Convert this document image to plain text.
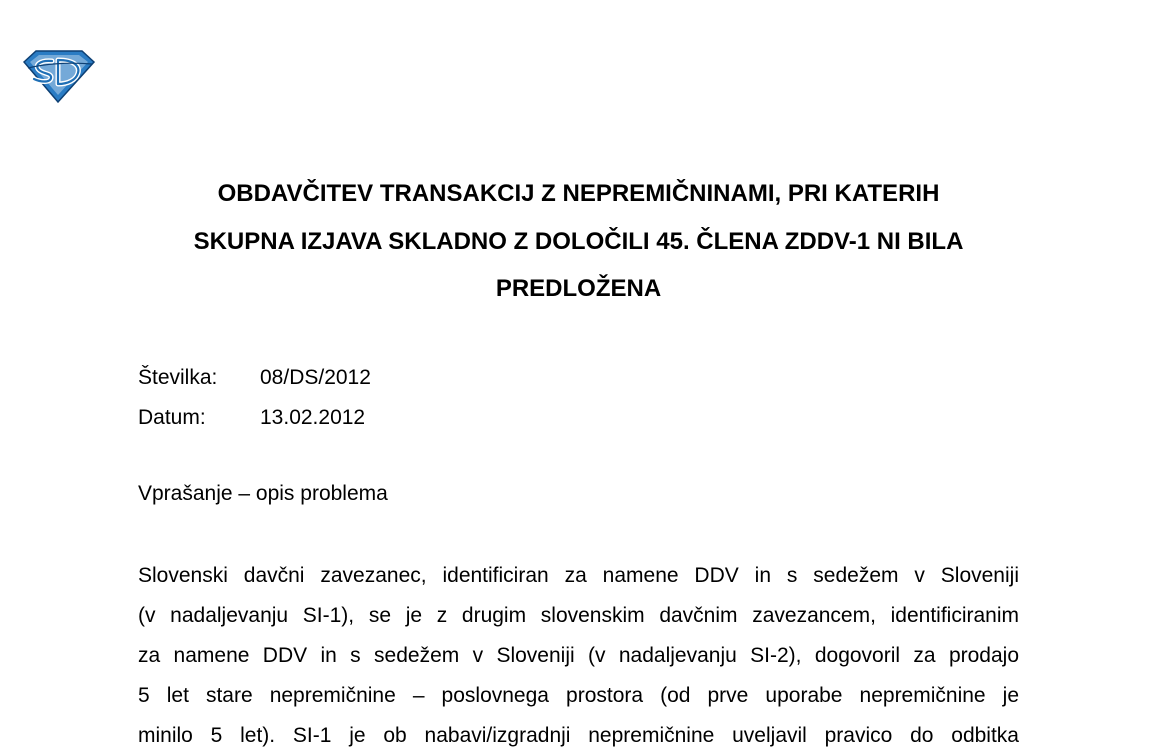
OBDAVČITEV TRANSAKCIJ Z NEPREMIČNINAMI, PRI KATERIH
SKUPNA IZJAVA SKLADNO Z DOLOČILI 45. ČLENA ZDDV-1 NI BILA
PREDLOŽENA
Številka:	08/DS/2012
Datum:	13.02.2012
Vprašanje – opis problema

Slovenski davčni zavezanec, identificiran za namene DDV in s sedežem v Sloveniji
(v nadaljevanju SI-1), se je z drugim slovenskim davčnim zavezancem, identificiranim
za namene DDV in s sedežem v Sloveniji (v nadaljevanju SI-2), dogovoril za prodajo
5 let stare nepremičnine – poslovnega prostora (od prve uporabe nepremičnine je
minilo 5 let). SI-1 je ob nabavi/izgradnji nepremičnine uveljavil pravico do odbitka
